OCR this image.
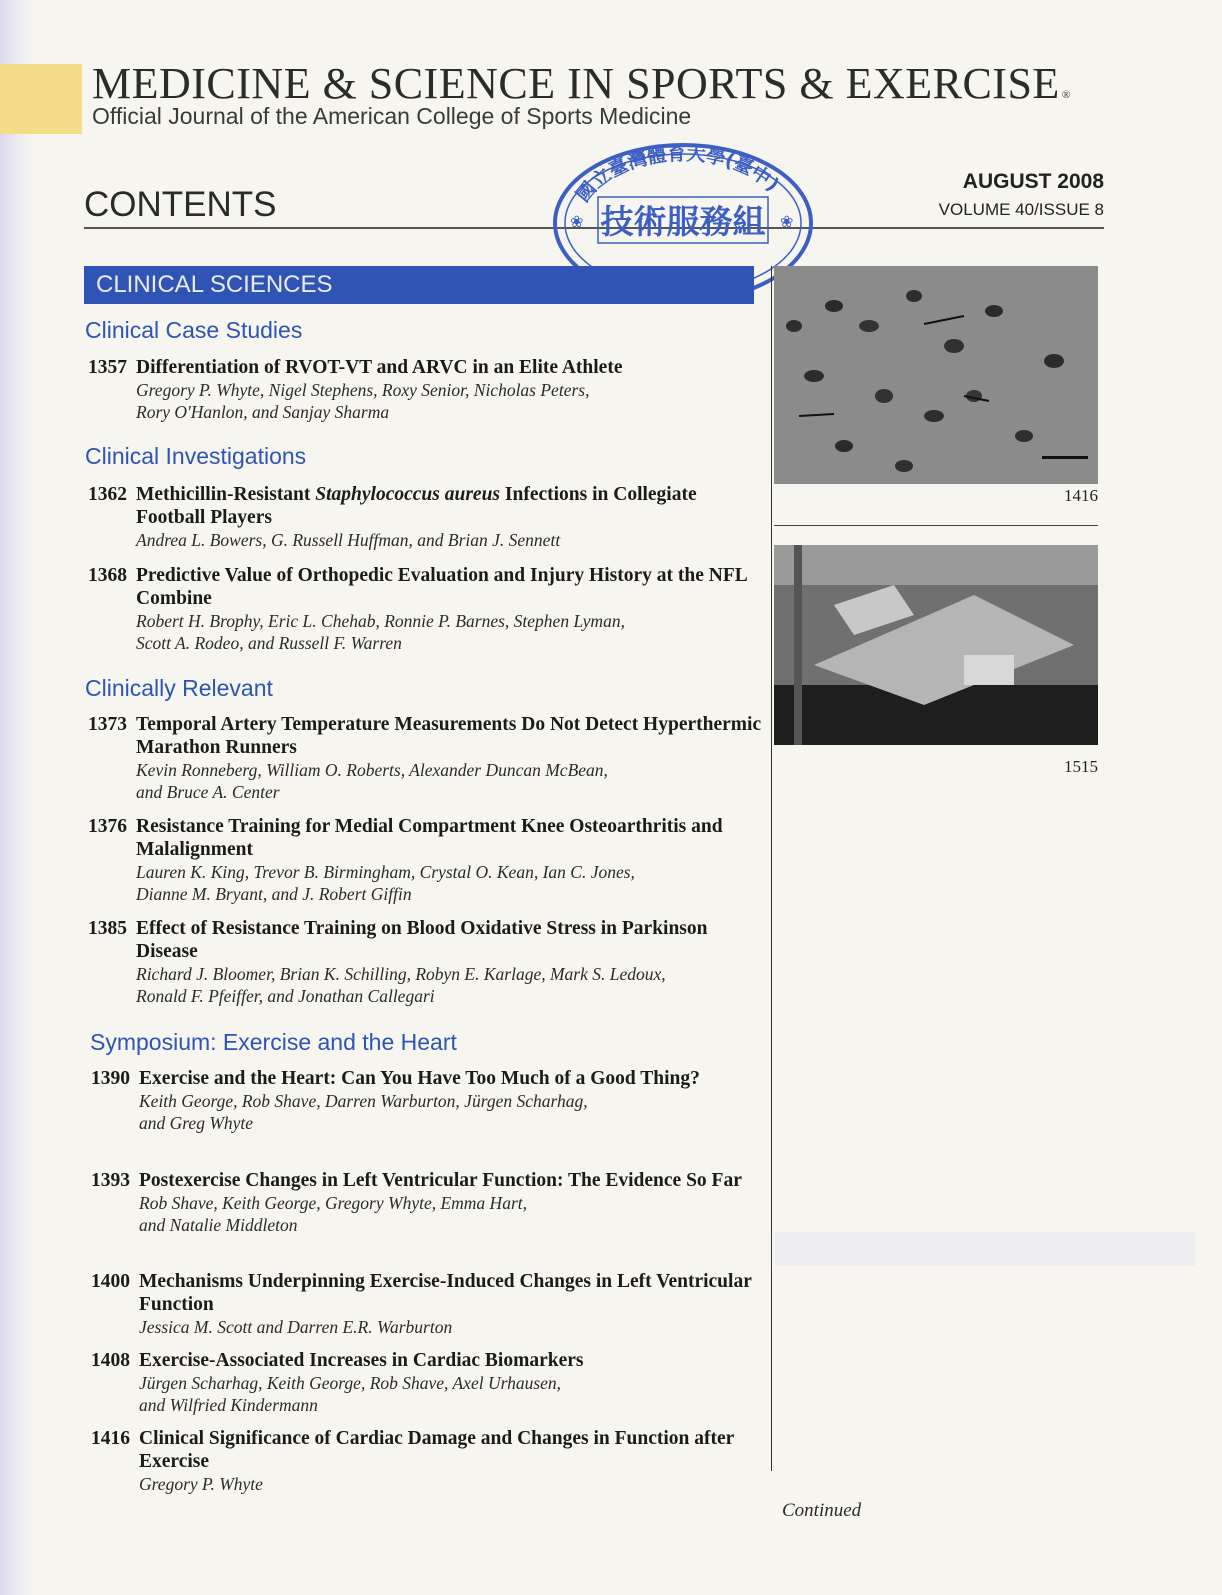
MEDICINE & SCIENCE IN SPORTS & EXERCISE ®
Official Journal of the American College of Sports Medicine
CONTENTS
AUGUST 2008
VOLUME 40/ISSUE 8
國立臺灣體育大學(臺中)
技術服務組
❀	❀
CLINICAL SCIENCES
1416
1515
Clinical Case Studies
1357 Differentiation of RVOT-VT and ARVC in an Elite Athlete
Gregory P. Whyte, Nigel Stephens, Roxy Senior, Nicholas Peters,
Rory O'Hanlon, and Sanjay Sharma
Clinical Investigations
1362 Methicillin-Resistant Staphylococcus aureus Infections in Collegiate Football Players
Andrea L. Bowers, G. Russell Huffman, and Brian J. Sennett
1368 Predictive Value of Orthopedic Evaluation and Injury History at the NFL Combine
Robert H. Brophy, Eric L. Chehab, Ronnie P. Barnes, Stephen Lyman,
Scott A. Rodeo, and Russell F. Warren
Clinically Relevant
1373 Temporal Artery Temperature Measurements Do Not Detect Hyperthermic Marathon Runners
Kevin Ronneberg, William O. Roberts, Alexander Duncan McBean,
and Bruce A. Center
1376 Resistance Training for Medial Compartment Knee Osteoarthritis and Malalignment
Lauren K. King, Trevor B. Birmingham, Crystal O. Kean, Ian C. Jones,
Dianne M. Bryant, and J. Robert Giffin
1385 Effect of Resistance Training on Blood Oxidative Stress in Parkinson Disease
Richard J. Bloomer, Brian K. Schilling, Robyn E. Karlage, Mark S. Ledoux,
Ronald F. Pfeiffer, and Jonathan Callegari
Symposium: Exercise and the Heart
1390 Exercise and the Heart: Can You Have Too Much of a Good Thing?
Keith George, Rob Shave, Darren Warburton, Jürgen Scharhag,
and Greg Whyte
1393 Postexercise Changes in Left Ventricular Function: The Evidence So Far
Rob Shave, Keith George, Gregory Whyte, Emma Hart,
and Natalie Middleton
1400 Mechanisms Underpinning Exercise-Induced Changes in Left Ventricular Function
Jessica M. Scott and Darren E.R. Warburton
1408 Exercise-Associated Increases in Cardiac Biomarkers
Jürgen Scharhag, Keith George, Rob Shave, Axel Urhausen,
and Wilfried Kindermann
1416 Clinical Significance of Cardiac Damage and Changes in Function after Exercise
Gregory P. Whyte
Continued
